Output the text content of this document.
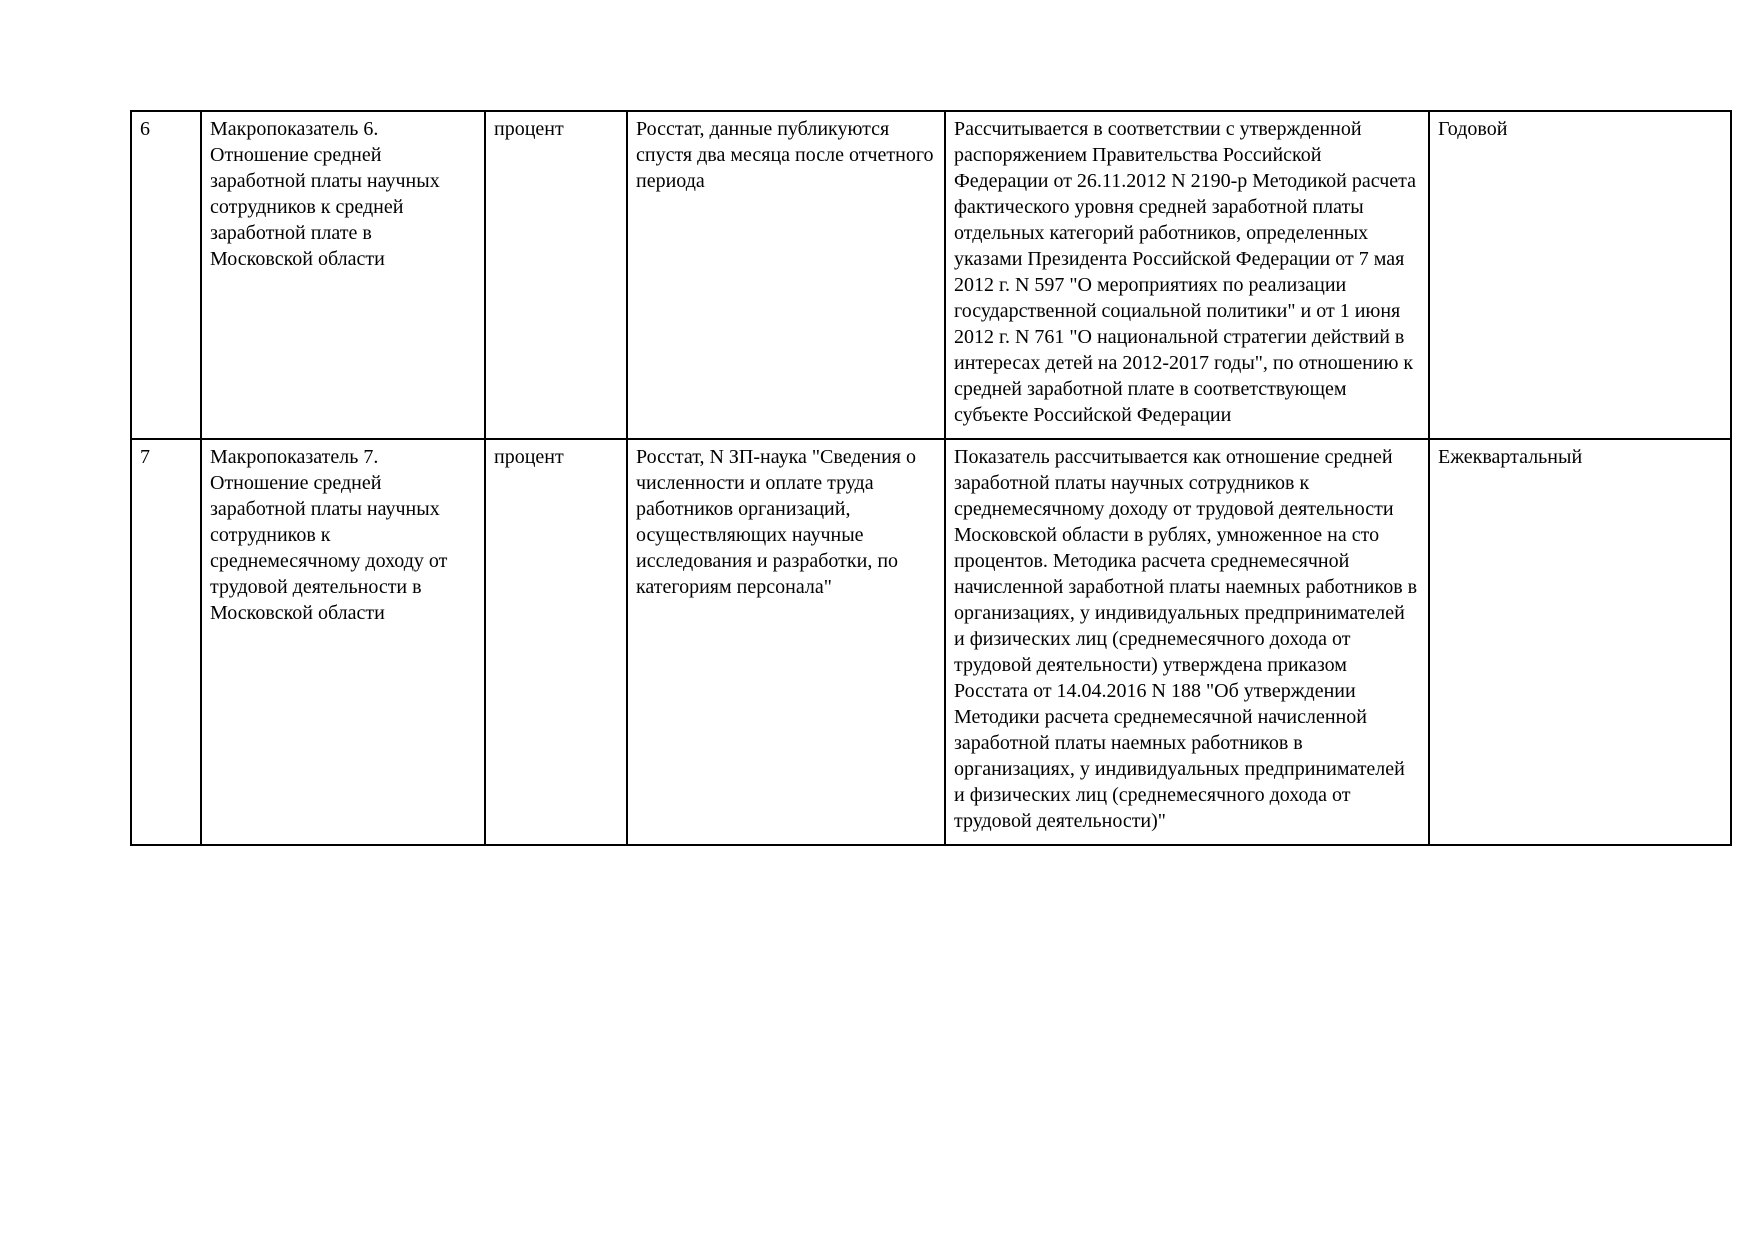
6	Макропоказатель 6. Отношение средней заработной платы научных сотрудников к средней заработной плате в Московской области	процент	Росстат, данные публикуются спустя два месяца после отчетного периода	Рассчитывается в соответствии с утвержденной распоряжением Правительства Российской Федерации от 26.11.2012 N 2190-р Методикой расчета фактического уровня средней заработной платы отдельных категорий работников, определенных указами Президента Российской Федерации от 7 мая 2012 г. N 597 "О мероприятиях по реализации государственной социальной политики" и от 1 июня 2012 г. N 761 "О национальной стратегии действий в интересах детей на 2012-2017 годы", по отношению к средней заработной плате в соответствующем субъекте Российской Федерации	Годовой
7	Макропоказатель 7. Отношение средней заработной платы научных сотрудников к среднемесячному доходу от трудовой деятельности в Московской области	процент	Росстат, N ЗП-наука "Сведения о численности и оплате труда работников организаций, осуществляющих научные исследования и разработки, по категориям персонала"	Показатель рассчитывается как отношение средней заработной платы научных сотрудников к среднемесячному доходу от трудовой деятельности Московской области в рублях, умноженное на сто процентов. Методика расчета среднемесячной начисленной заработной платы наемных работников в организациях, у индивидуальных предпринимателей и физических лиц (среднемесячного дохода от трудовой деятельности) утверждена приказом Росстата от 14.04.2016 N 188 "Об утверждении Методики расчета среднемесячной начисленной заработной платы наемных работников в организациях, у индивидуальных предпринимателей и физических лиц (среднемесячного дохода от трудовой деятельности)"	Ежеквартальный
